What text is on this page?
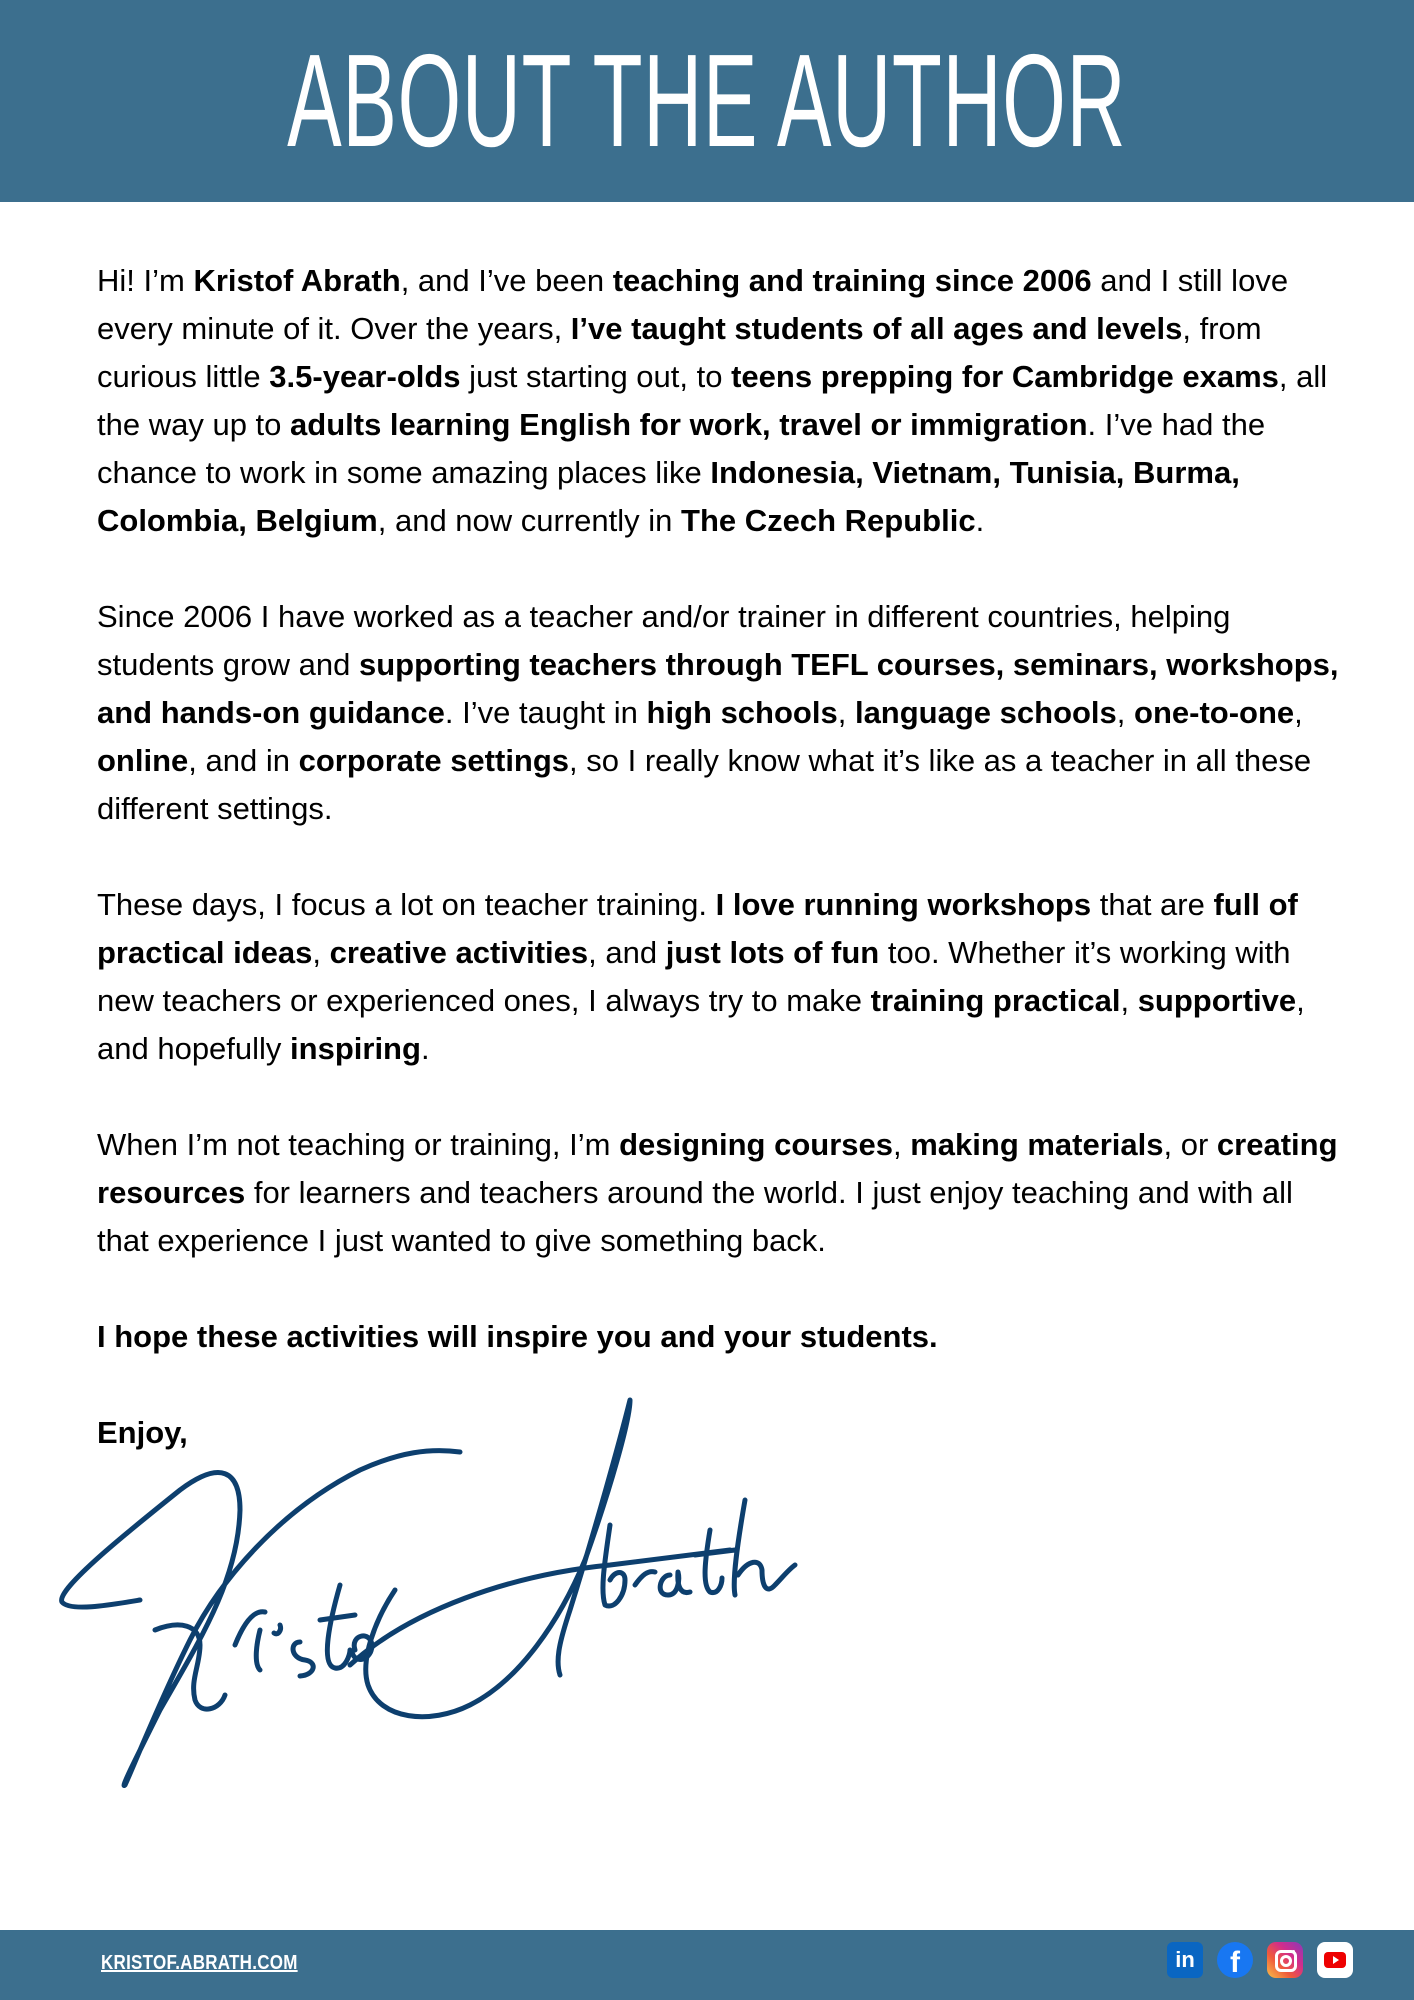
ABOUT THE AUTHOR

Hi! I’m Kristof Abrath, and I’ve been teaching and training since 2006 and I still love every minute of it. Over the years, I’ve taught students of all ages and levels, from curious little 3.5-year-olds just starting out, to teens prepping for Cambridge exams, all the way up to adults learning English for work, travel or immigration. I’ve had the chance to work in some amazing places like Indonesia, Vietnam, Tunisia, Burma, Colombia, Belgium, and now currently in The Czech Republic.

Since 2006 I have worked as a teacher and/or trainer in different countries, helping students grow and supporting teachers through TEFL courses, seminars, workshops, and hands-on guidance. I’ve taught in high schools, language schools, one-to-one, online, and in corporate settings, so I really know what it’s like as a teacher in all these different settings.

These days, I focus a lot on teacher training. I love running workshops that are full of practical ideas, creative activities, and just lots of fun too. Whether it’s working with new teachers or experienced ones, I always try to make training practical, supportive, and hopefully inspiring.

When I’m not teaching or training, I’m designing courses, making materials, or creating resources for learners and teachers around the world. I just enjoy teaching and with all that experience I just wanted to give something back.

I hope these activities will inspire you and your students.

Enjoy,

KRISTOF.ABRATH.COM	in	f
